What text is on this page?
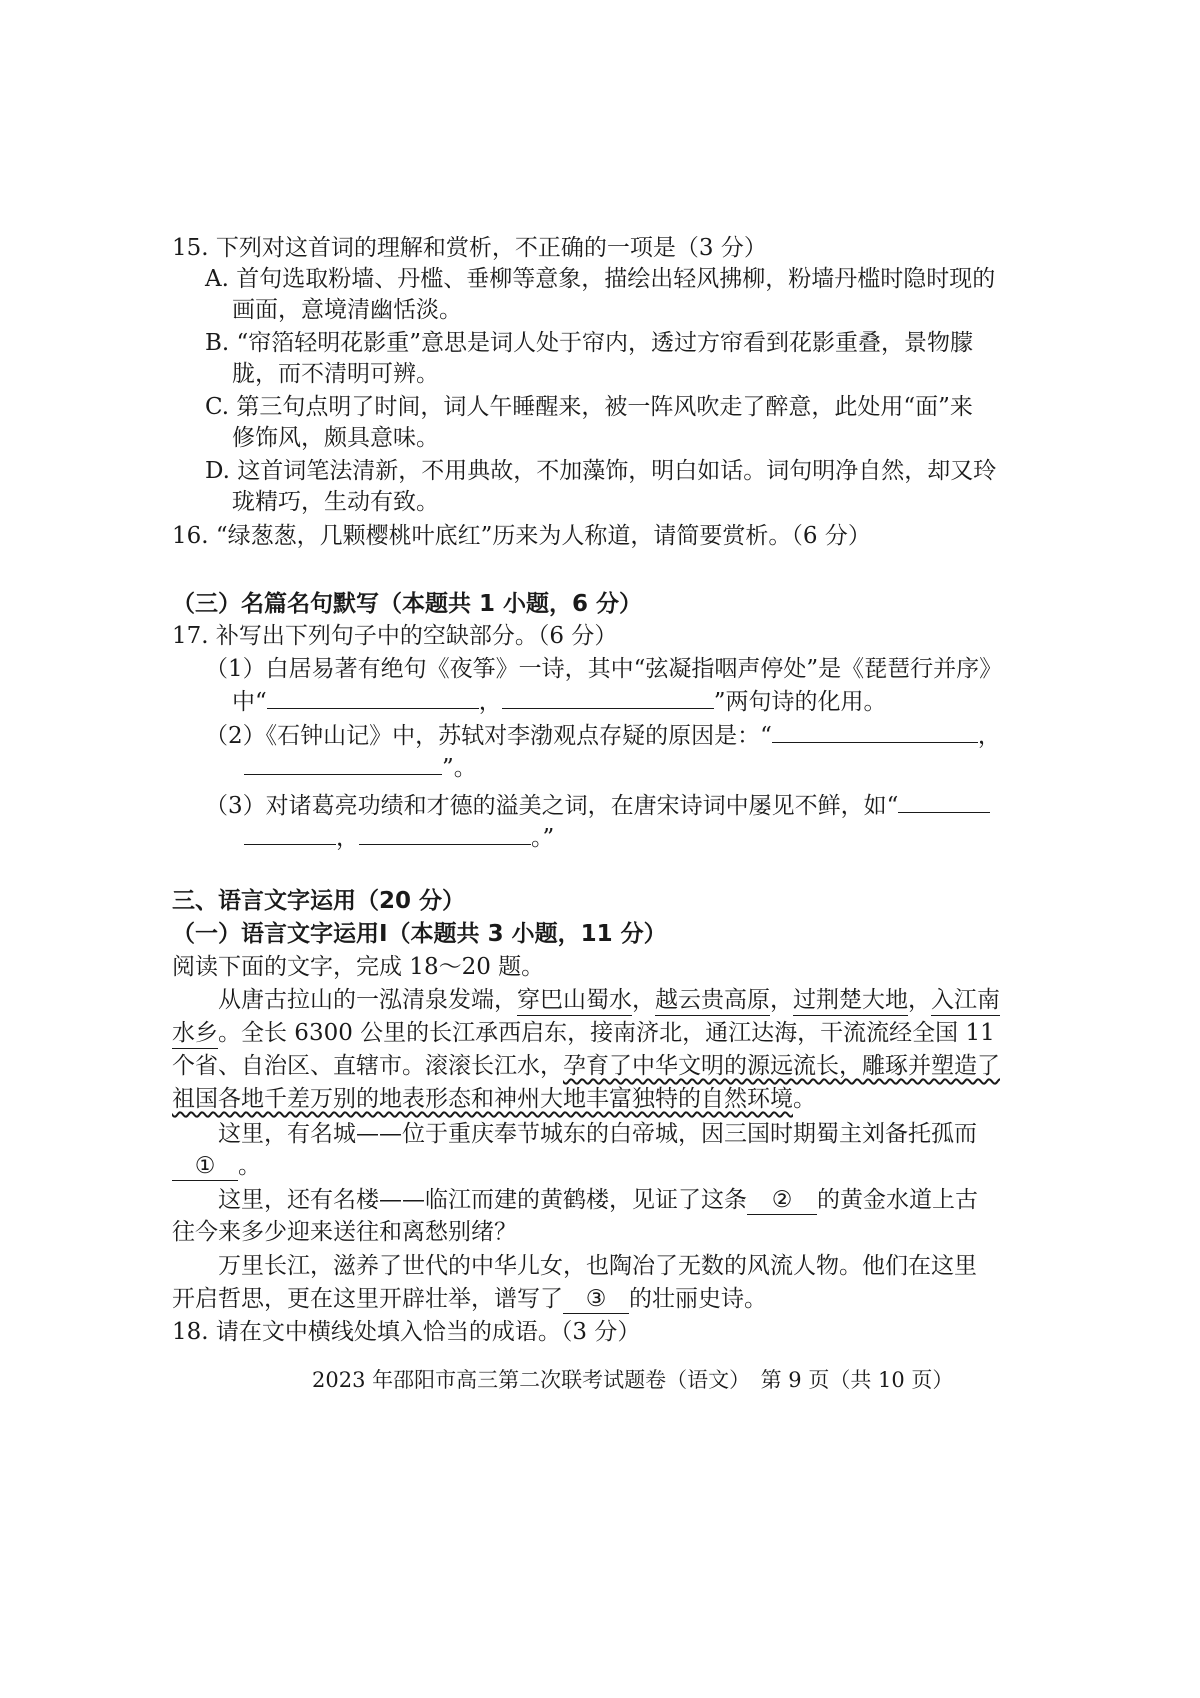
15. 下列对这首词的理解和赏析，不正确的一项是（3 分）
A. 首句选取粉墙、丹槛、垂柳等意象，描绘出轻风拂柳，粉墙丹槛时隐时现的
画面，意境清幽恬淡。
B. “帘箔轻明花影重”意思是词人处于帘内，透过方帘看到花影重叠，景物朦
胧，而不清明可辨。
C. 第三句点明了时间，词人午睡醒来，被一阵风吹走了醉意，此处用“面”来
修饰风，颇具意味。
D. 这首词笔法清新，不用典故，不加藻饰，明白如话。词句明净自然，却又玲
珑精巧，生动有致。
16. “绿葱葱，几颗樱桃叶底红”历来为人称道，请简要赏析。（6 分）
（三）名篇名句默写（本题共 1 小题，6 分）
17. 补写出下列句子中的空缺部分。（6 分）
（1）白居易著有绝句《夜筝》一诗，其中“弦凝指咽声停处”是《琵琶行并序》
中“	，	”两句诗的化用。
（2）《石钟山记》中，苏轼对李渤观点存疑的原因是：“	，
”。
（3）对诸葛亮功绩和才德的溢美之词，在唐宋诗词中屡见不鲜，如“
，	。”
三、语言文字运用（20 分）
（一）语言文字运用Ⅰ（本题共 3 小题，11 分）
阅读下面的文字，完成 18～20 题。
从唐古拉山的一泓清泉发端，穿巴山蜀水，越云贵高原，过荆楚大地，入江南
水乡。全长 6300 公里的长江承西启东，接南济北，通江达海，干流流经全国 11
个省、自治区、直辖市。滚滚长江水，孕育了中华文明的源远流长，雕琢并塑造了
祖国各地千差万别的地表形态和神州大地丰富独特的自然环境。
这里，有名城——位于重庆奉节城东的白帝城，因三国时期蜀主刘备托孤而
① 。
这里，还有名楼——临江而建的黄鹤楼，见证了这条 ② 的黄金水道上古
往今来多少迎来送往和离愁别绪？
万里长江，滋养了世代的中华儿女，也陶冶了无数的风流人物。他们在这里
开启哲思，更在这里开辟壮举，谱写了 ③ 的壮丽史诗。
18. 请在文中横线处填入恰当的成语。（3 分）
2023 年邵阳市高三第二次联考试题卷（语文）　第 9 页（共 10 页）
